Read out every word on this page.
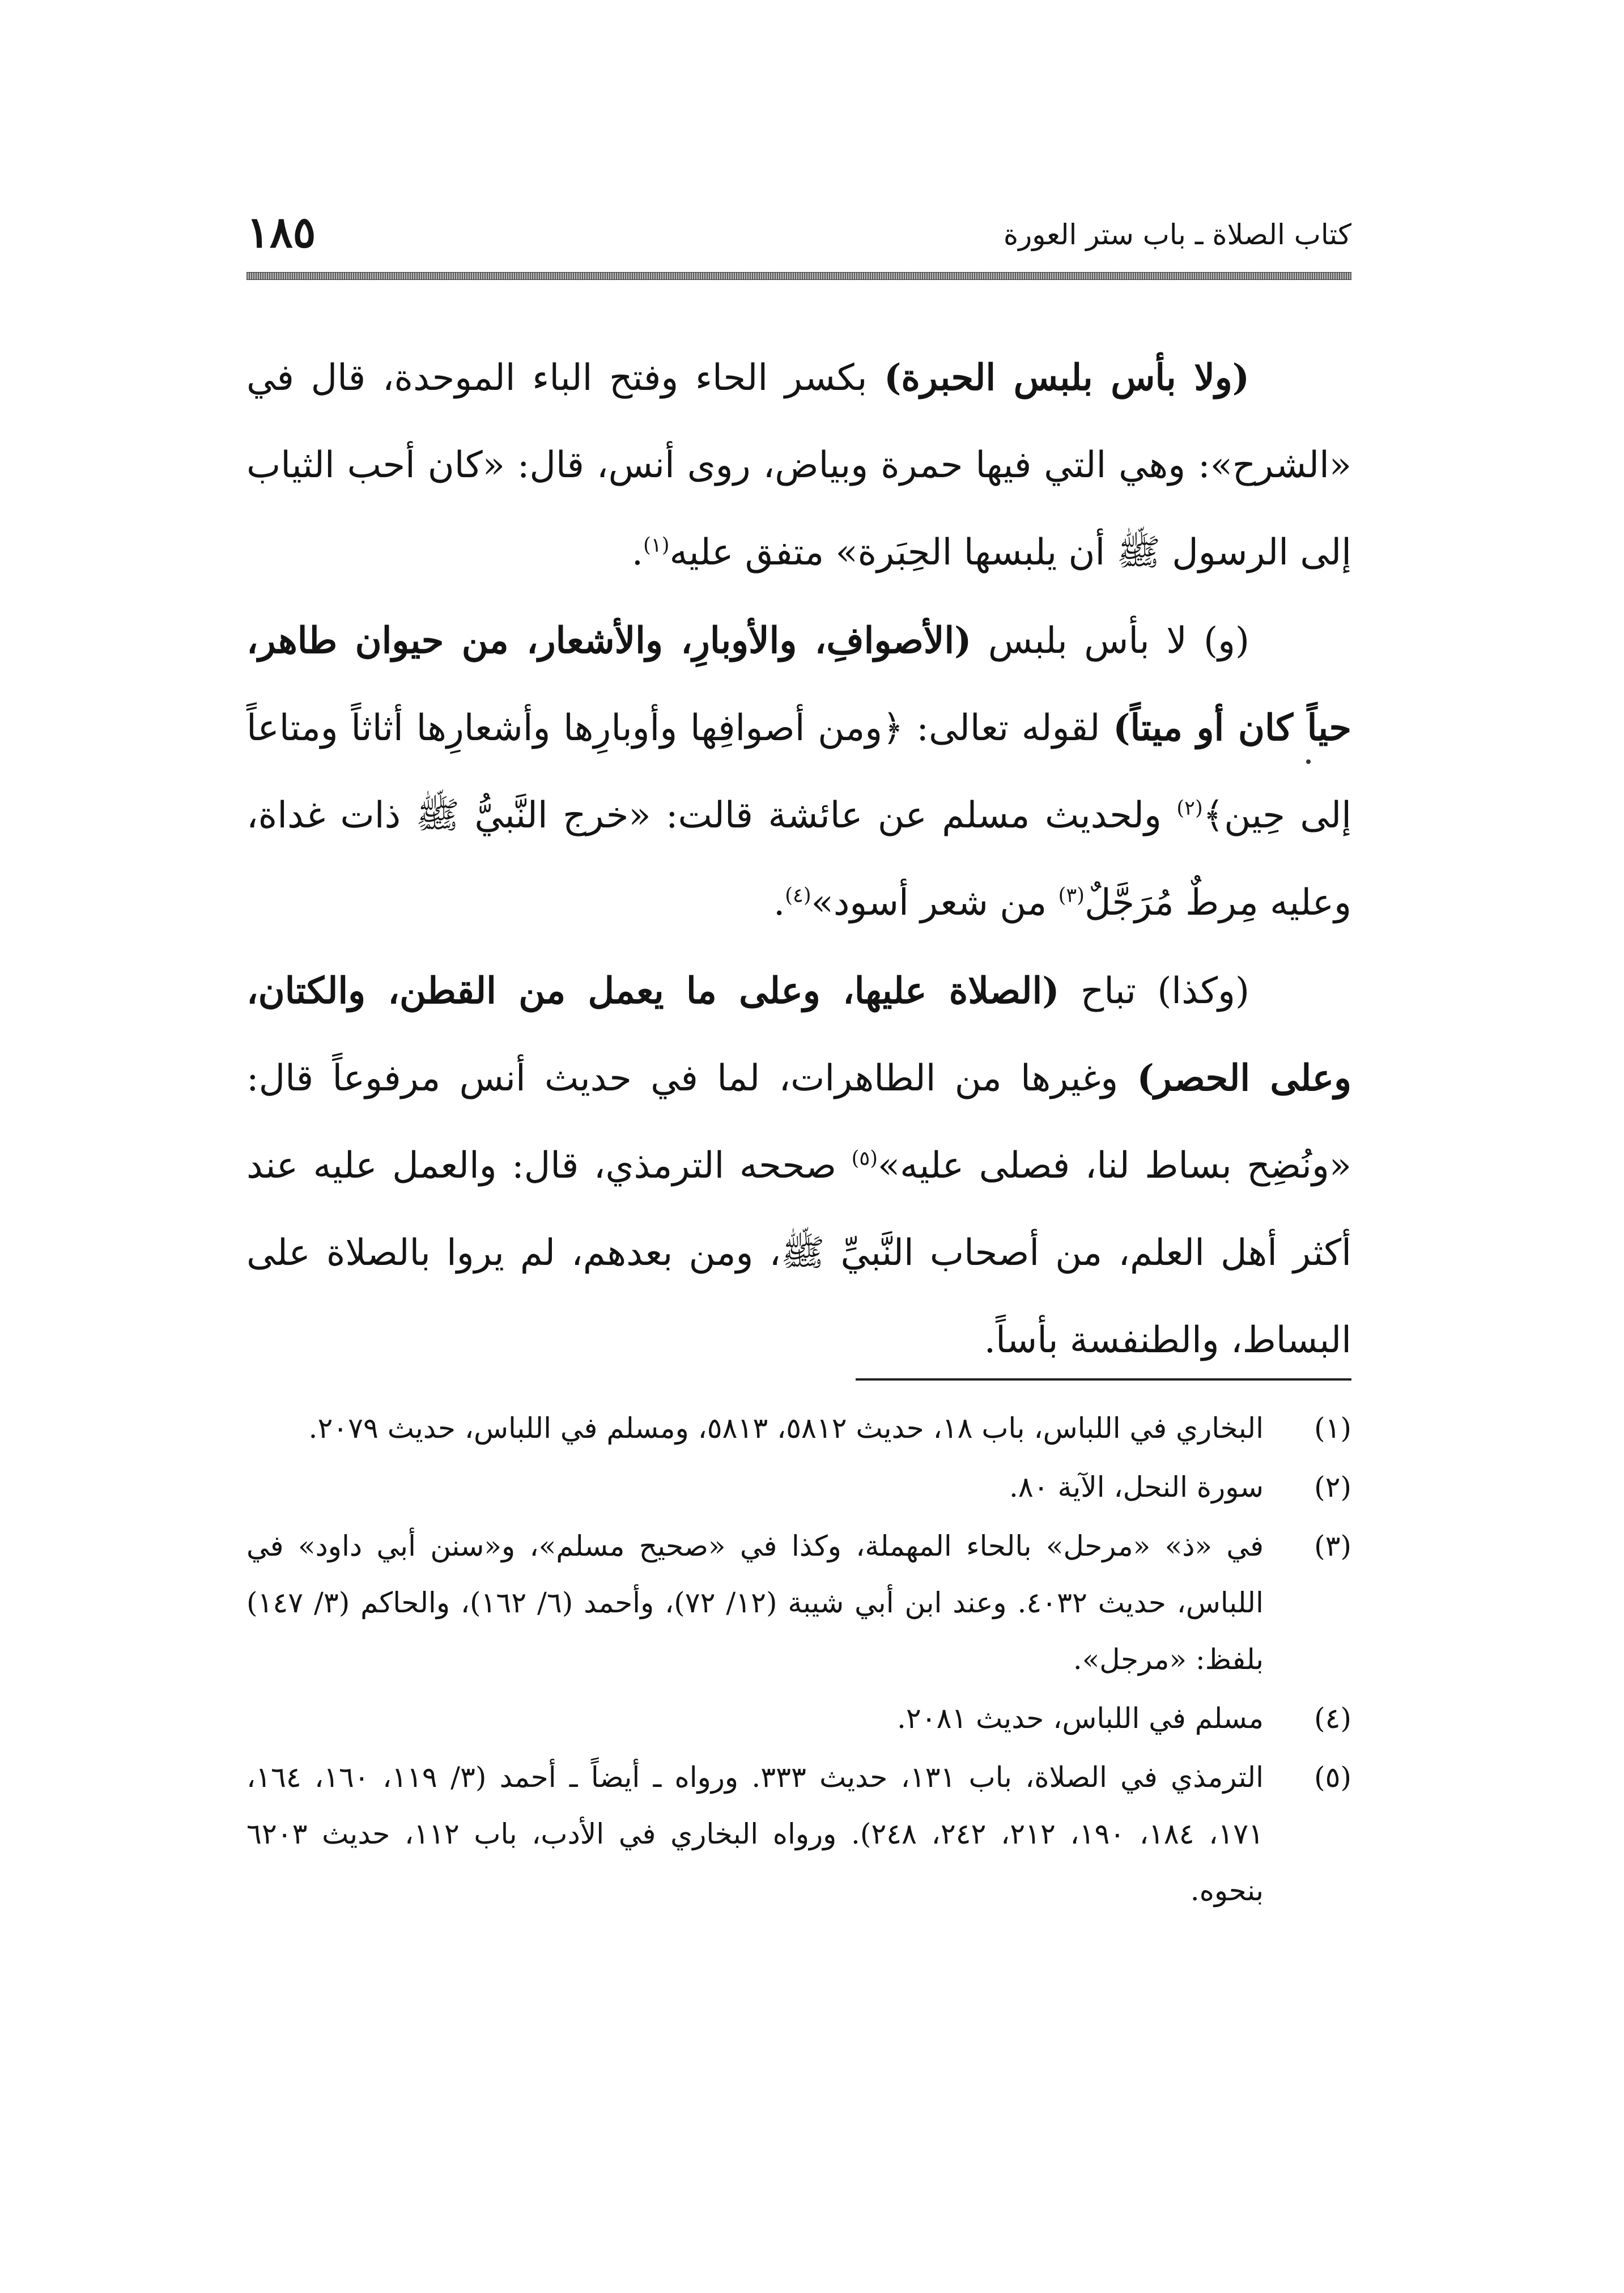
كتاب الصلاة ـ باب ستر العورة
١٨٥

(ولا بأس بلبس الحبرة) بكسر الحاء وفتح الباء الموحدة، قال في «الشرح»: وهي التي فيها حمرة وبياض، روى أنس، قال: «كان أحب الثياب إلى الرسول ﷺ أن يلبسها الحِبَرة» متفق عليه$^{(١)}$.

(و) لا بأس بلبس (الأصوافِ، والأوبارِ، والأشعار، من حيوان طاهر، حياً كان أو ميتاً) لقوله تعالى: ﴿ومن أصوافِها وأوبارِها وأشعارِها أثاثاً ومتاعاً إلى حِين﴾$^{(٢)}$ ولحديث مسلم عن عائشة قالت: «خرج النَّبيُّ ﷺ ذات غداة، وعليه مِرطٌ مُرَجَّلٌ$^{(٣)}$ من شعر أسود»$^{(٤)}$.

(وكذا) تباح (الصلاة عليها، وعلى ما يعمل من القطن، والكتان، وعلى الحصر) وغيرها من الطاهرات، لما في حديث أنس مرفوعاً قال: «ونُضِح بساط لنا، فصلى عليه»$^{(٥)}$ صححه الترمذي، قال: والعمل عليه عند أكثر أهل العلم، من أصحاب النَّبيِّ ﷺ، ومن بعدهم، لم يروا بالصلاة على البساط، والطنفسة بأساً.

(١)
البخاري في اللباس، باب ١٨، حديث ٥٨١٢، ٥٨١٣، ومسلم في اللباس، حديث ٢٠٧٩.
(٢)
سورة النحل، الآية ٨٠.
(٣)
في «ذ» «مرحل» بالحاء المهملة، وكذا في «صحيح مسلم»، و«سنن أبي داود» في اللباس، حديث ٤٠٣٢. وعند ابن أبي شيبة (١٢/ ٧٢)، وأحمد (٦/ ١٦٢)، والحاكم (٣/ ١٤٧) بلفظ: «مرجل».
(٤)
مسلم في اللباس، حديث ٢٠٨١.
(٥)
الترمذي في الصلاة، باب ١٣١، حديث ٣٣٣. ورواه ـ أيضاً ـ أحمد (٣/ ١١٩، ١٦٠، ١٦٤، ١٧١، ١٨٤، ١٩٠، ٢١٢، ٢٤٢، ٢٤٨). ورواه البخاري في الأدب، باب ١١٢، حديث ٦٢٠٣ بنحوه.
